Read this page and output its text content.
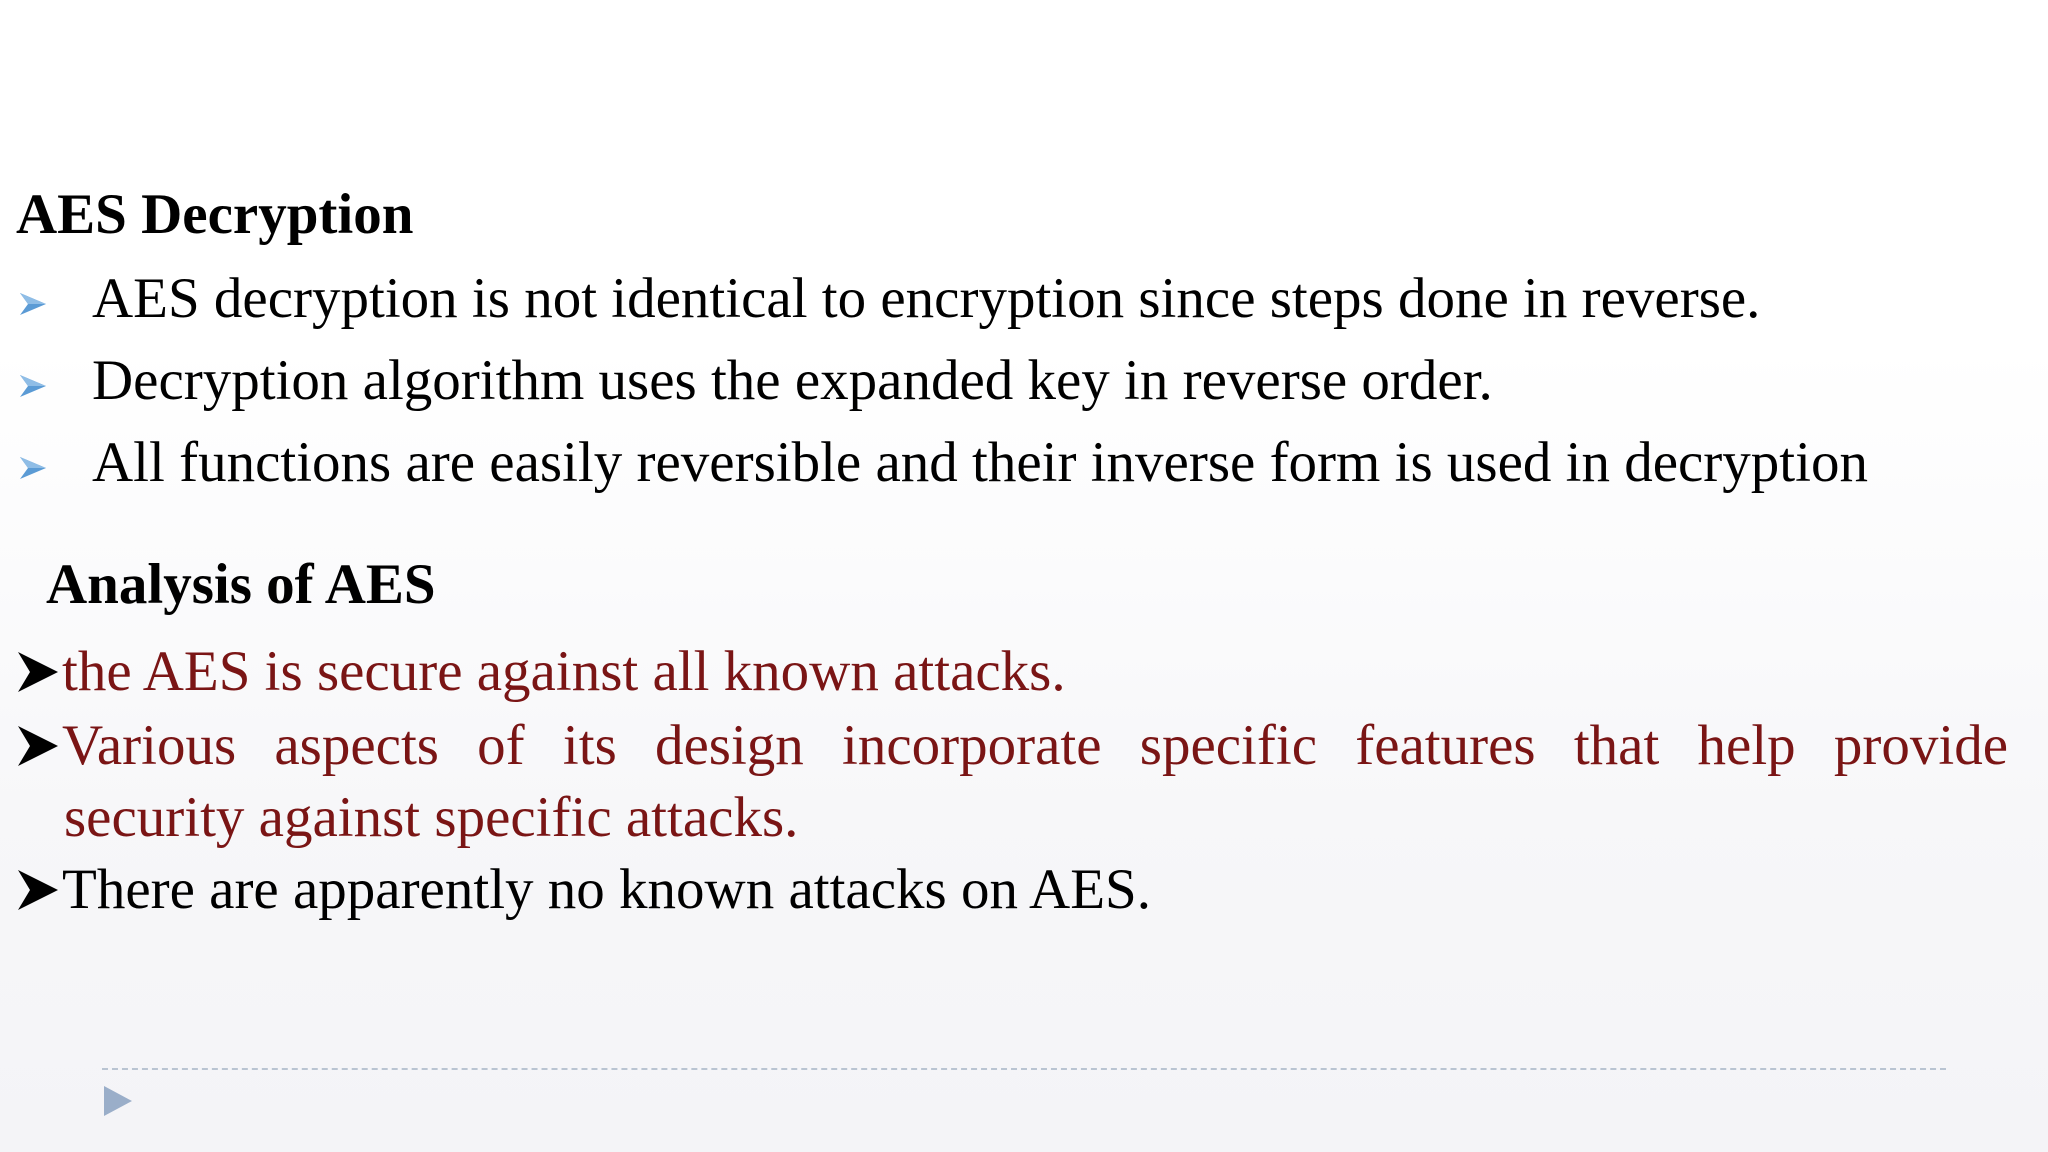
AES Decryption
AES decryption is not identical to encryption since steps done in reverse.
Decryption algorithm uses the expanded key in reverse order.
All functions are easily reversible and their inverse form is used in decryption
Analysis of AES
the AES is secure against all known attacks.
Various aspects of its design incorporate specific features that help provide
security against specific attacks.
There are apparently no known attacks on AES.
